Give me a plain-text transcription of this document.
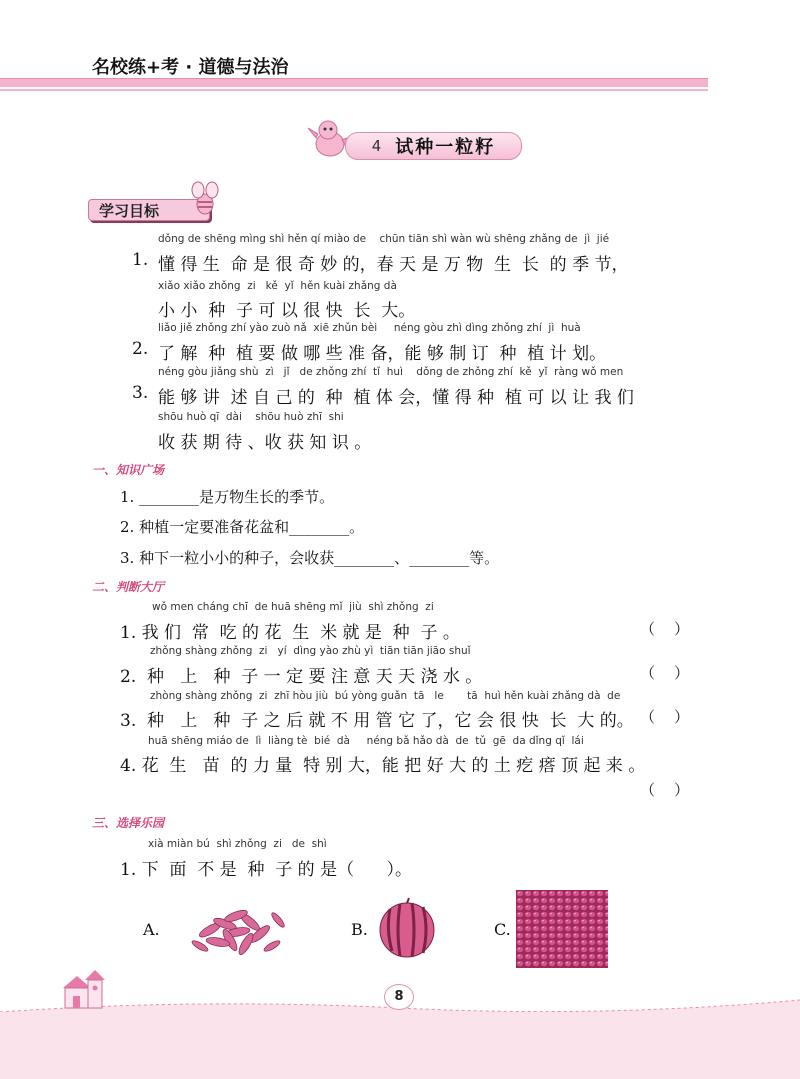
名校练+考 · 道德与法治
4 试种一粒籽
学习目标
dǒng de shēng mìng shì hěn qí miào de    chūn tiān shì wàn wù shēng zhǎng de  jì  jié
1. 懂 得 生  命 是 很 奇 妙 的，春 天 是 万 物  生  长  的 季 节，
xiǎo xiǎo zhǒng  zi   kě  yǐ  hěn kuài zhǎng dà
小 小  种  子 可 以 很 快  长  大。
liǎo jiě zhǒng zhí yào zuò nǎ  xiē zhǔn bèi     néng gòu zhì dìng zhǒng zhí  jì  huà
2. 了 解  种  植 要 做 哪 些 准 备，能 够 制 订  种  植 计 划。
néng gòu jiǎng shù  zì   jǐ   de zhǒng zhí  tǐ  huì    dǒng de zhǒng zhí  kě  yǐ  ràng wǒ men
3. 能 够 讲  述 自 己 的  种  植 体 会，懂 得 种  植 可 以 让 我 们
shōu huò qī  dài    shōu huò zhī  shi
收 获 期 待 、收 获 知 识 。
一、知识广场
1. ________是万物生长的季节。
2. 种植一定要准备花盆和________。
3. 种下一粒小小的种子，会收获________、________等。
二、判断大厅
wǒ men cháng chī  de huā shēng mǐ  jiù  shì zhǒng  zi
1. 我 们  常  吃 的 花  生  米 就 是  种  子 。	（    ）
zhǒng shàng zhǒng  zi   yí  dìng yào zhù yì  tiān tiān jiāo shuǐ
2.  种   上   种  子 一 定 要 注 意 天 天 浇 水 。	（    ）
zhòng shàng zhǒng  zi  zhī hòu jiù  bú yòng guǎn  tā   le       tā  huì hěn kuài zhǎng dà  de
3.  种   上   种  子 之 后 就 不 用 管 它 了，它 会 很 快  长  大 的。 （    ）
huā shēng miáo de  lì  liàng tè  bié  dà     néng bǎ hǎo dà  de  tǔ  gē  da dǐng qǐ  lái
4. 花  生   苗  的 力 量  特 别 大，能 把 好 大 的 土 疙 瘩 顶 起 来 。
（    ）
三、选择乐园
xià miàn bú  shì zhǒng  zi   de  shì
1. 下  面  不 是  种  子 的 是（      ）。
A.	B.	C.
8
